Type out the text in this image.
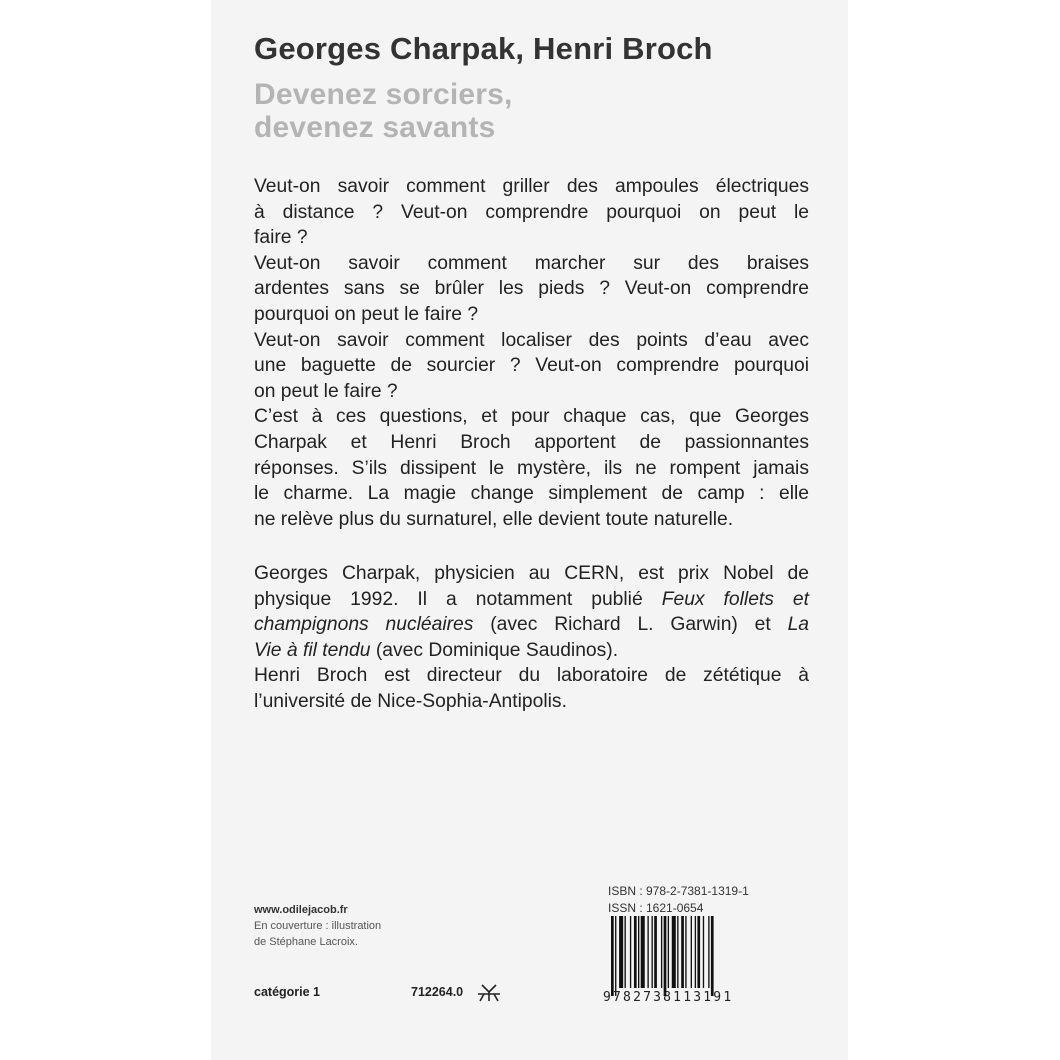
Georges Charpak, Henri Broch
Devenez sorciers,
devenez savants
Veut-on savoir comment griller des ampoules électriques
à distance ? Veut-on comprendre pourquoi on peut le
faire ?
Veut-on savoir comment marcher sur des braises
ardentes sans se brûler les pieds ? Veut-on comprendre
pourquoi on peut le faire ?
Veut-on savoir comment localiser des points d’eau avec
une baguette de sourcier ? Veut-on comprendre pourquoi
on peut le faire ?
C’est à ces questions, et pour chaque cas, que Georges
Charpak et Henri Broch apportent de passionnantes
réponses. S’ils dissipent le mystère, ils ne rompent jamais
le charme. La magie change simplement de camp : elle
ne relève plus du surnaturel, elle devient toute naturelle.
Georges Charpak, physicien au CERN, est prix Nobel de
physique 1992. Il a notamment publié Feux follets et
champignons nucléaires (avec Richard L. Garwin) et La
Vie à fil tendu (avec Dominique Saudinos).
Henri Broch est directeur du laboratoire de zététique à
l’université de Nice-Sophia-Antipolis.
www.odilejacob.fr
En couverture : illustration
de Stéphane Lacroix.
catégorie 1	712264.0
ISBN : 978-2-7381-1319-1
ISSN : 1621-0654
9782738113191
